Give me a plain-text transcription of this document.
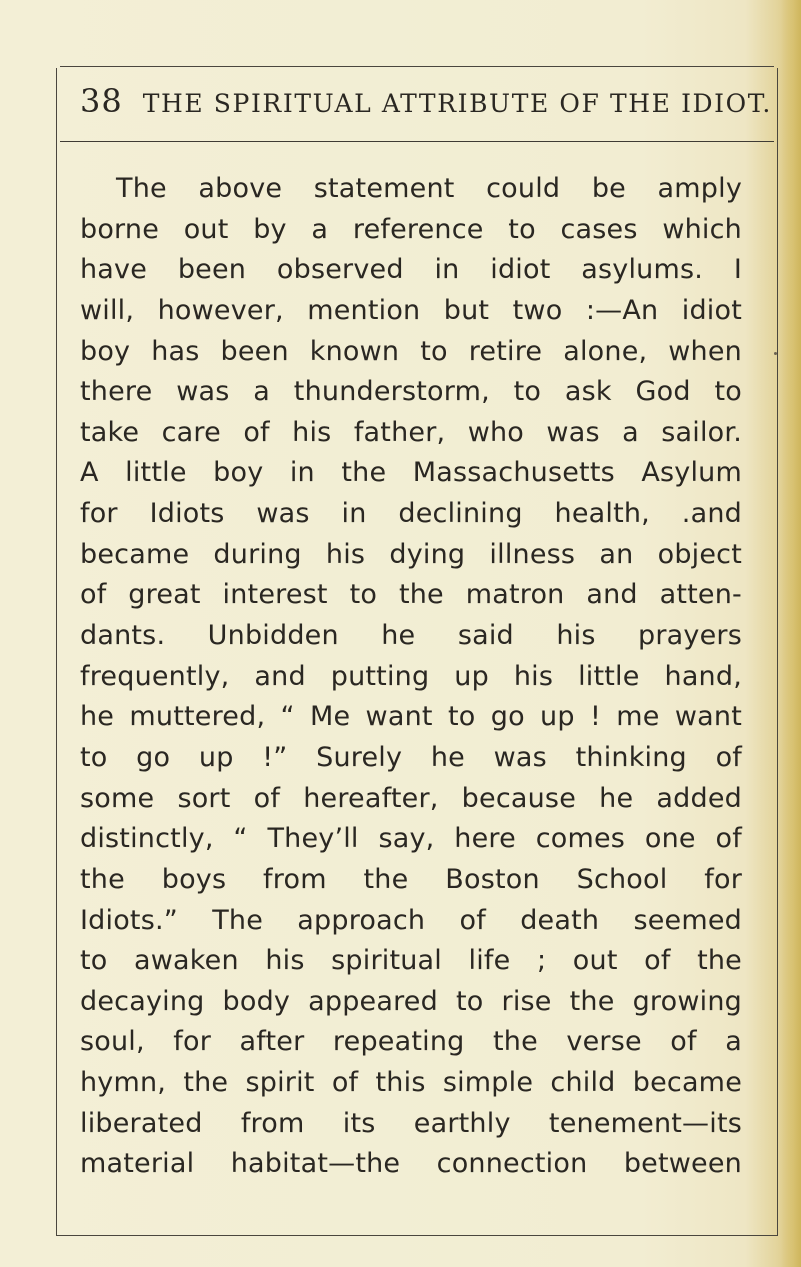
38 THE SPIRITUAL ATTRIBUTE OF THE IDIOT.
The above statement could be amply
borne out by a reference to cases which
have been observed in idiot asylums. I
will, however, mention but two :—An idiot
boy has been known to retire alone, when
there was a thunderstorm, to ask God to
take care of his father, who was a sailor.
A little boy in the Massachusetts Asylum
for Idiots was in declining health, .and
became during his dying illness an object
of great interest to the matron and atten-
dants. Unbidden he said his prayers
frequently, and putting up his little hand,
he muttered, “ Me want to go up ! me want
to go up !” Surely he was thinking of
some sort of hereafter, because he added
distinctly, “ They’ll say, here comes one of
the boys from the Boston School for
Idiots.” The approach of death seemed
to awaken his spiritual life ; out of the
decaying body appeared to rise the growing
soul, for after repeating the verse of a
hymn, the spirit of this simple child became
liberated from its earthly tenement—its
material habitat—the connection between
